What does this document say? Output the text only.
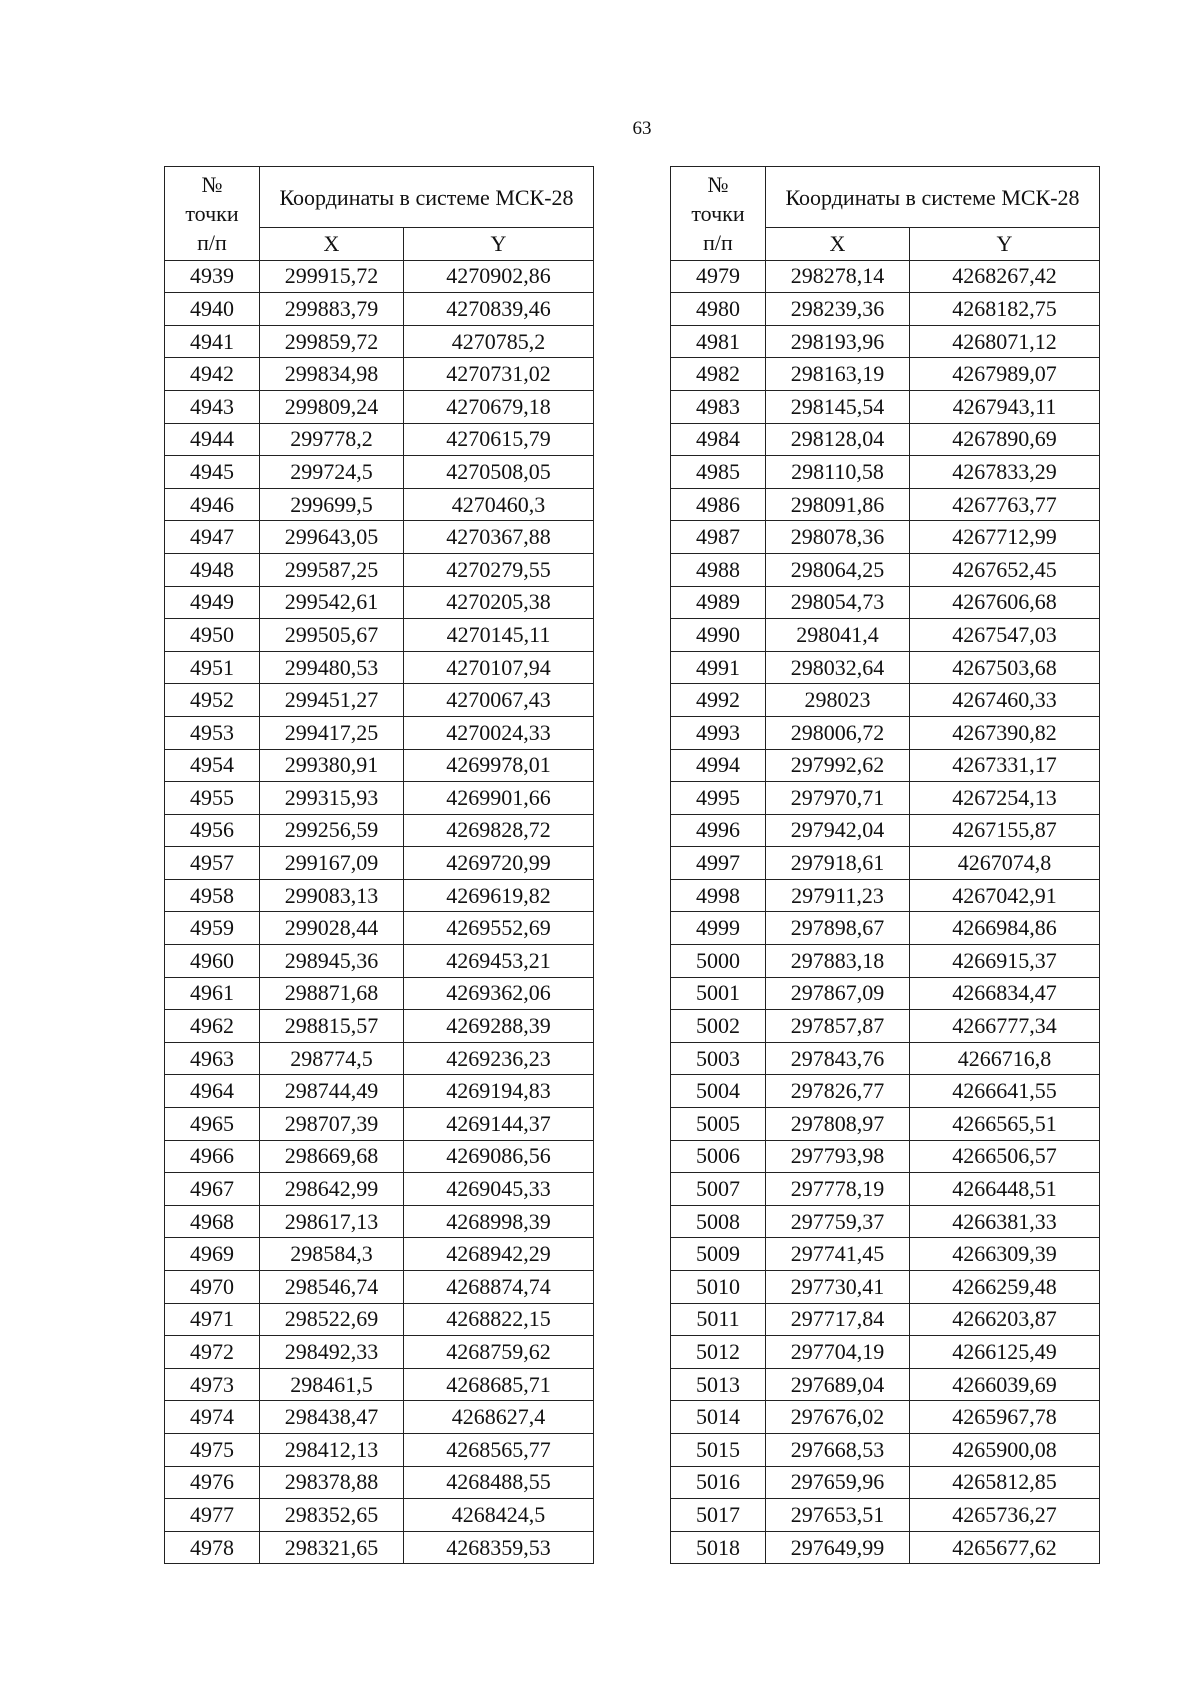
63
№
точки
п/п	Координаты в системе МСК-28	
	X	Y
4939	299915,72	4270902,86
4940	299883,79	4270839,46
4941	299859,72	4270785,2
4942	299834,98	4270731,02
4943	299809,24	4270679,18
4944	299778,2	4270615,79
4945	299724,5	4270508,05
4946	299699,5	4270460,3
4947	299643,05	4270367,88
4948	299587,25	4270279,55
4949	299542,61	4270205,38
4950	299505,67	4270145,11
4951	299480,53	4270107,94
4952	299451,27	4270067,43
4953	299417,25	4270024,33
4954	299380,91	4269978,01
4955	299315,93	4269901,66
4956	299256,59	4269828,72
4957	299167,09	4269720,99
4958	299083,13	4269619,82
4959	299028,44	4269552,69
4960	298945,36	4269453,21
4961	298871,68	4269362,06
4962	298815,57	4269288,39
4963	298774,5	4269236,23
4964	298744,49	4269194,83
4965	298707,39	4269144,37
4966	298669,68	4269086,56
4967	298642,99	4269045,33
4968	298617,13	4268998,39
4969	298584,3	4268942,29
4970	298546,74	4268874,74
4971	298522,69	4268822,15
4972	298492,33	4268759,62
4973	298461,5	4268685,71
4974	298438,47	4268627,4
4975	298412,13	4268565,77
4976	298378,88	4268488,55
4977	298352,65	4268424,5
4978	298321,65	4268359,53
№
точки
п/п	Координаты в системе МСК-28	
	X	Y
4979	298278,14	4268267,42
4980	298239,36	4268182,75
4981	298193,96	4268071,12
4982	298163,19	4267989,07
4983	298145,54	4267943,11
4984	298128,04	4267890,69
4985	298110,58	4267833,29
4986	298091,86	4267763,77
4987	298078,36	4267712,99
4988	298064,25	4267652,45
4989	298054,73	4267606,68
4990	298041,4	4267547,03
4991	298032,64	4267503,68
4992	298023	4267460,33
4993	298006,72	4267390,82
4994	297992,62	4267331,17
4995	297970,71	4267254,13
4996	297942,04	4267155,87
4997	297918,61	4267074,8
4998	297911,23	4267042,91
4999	297898,67	4266984,86
5000	297883,18	4266915,37
5001	297867,09	4266834,47
5002	297857,87	4266777,34
5003	297843,76	4266716,8
5004	297826,77	4266641,55
5005	297808,97	4266565,51
5006	297793,98	4266506,57
5007	297778,19	4266448,51
5008	297759,37	4266381,33
5009	297741,45	4266309,39
5010	297730,41	4266259,48
5011	297717,84	4266203,87
5012	297704,19	4266125,49
5013	297689,04	4266039,69
5014	297676,02	4265967,78
5015	297668,53	4265900,08
5016	297659,96	4265812,85
5017	297653,51	4265736,27
5018	297649,99	4265677,62
